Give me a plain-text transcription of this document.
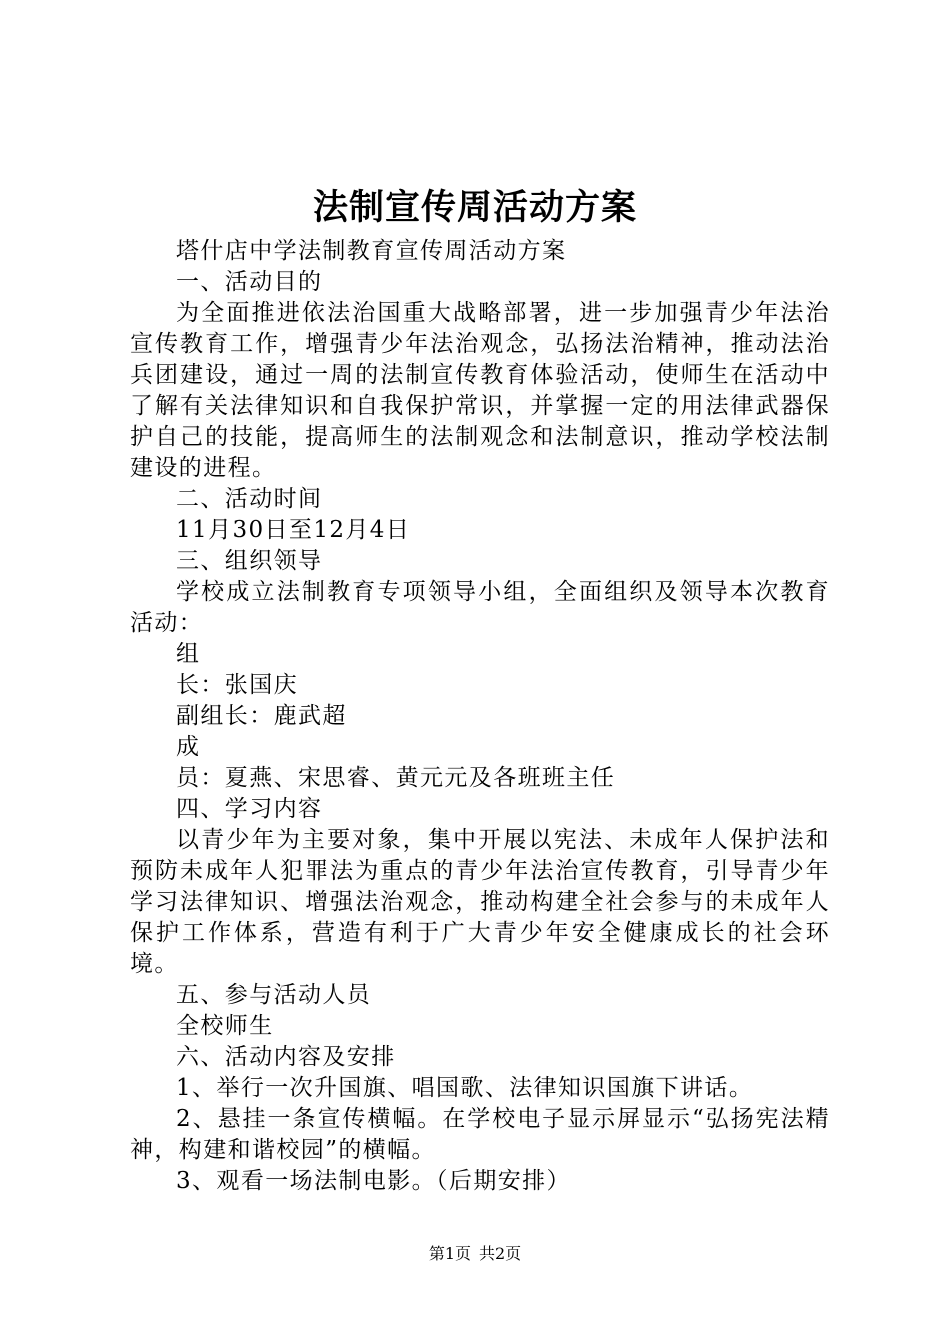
法制宣传周活动方案

塔什店中学法制教育宣传周活动方案

一、活动目的

为全面推进依法治国重大战略部署，进一步加强青少年法治宣传教育工作，增强青少年法治观念，弘扬法治精神，推动法治兵团建设，通过一周的法制宣传教育体验活动，使师生在活动中了解有关法律知识和自我保护常识，并掌握一定的用法律武器保护自己的技能，提高师生的法制观念和法制意识，推动学校法制建设的进程。

二、活动时间

11月30日至12月4日

三、组织领导

学校成立法制教育专项领导小组，全面组织及领导本次教育活动：

组

长：张国庆

副组长：鹿武超

成

员：夏燕、宋思睿、黄元元及各班班主任

四、学习内容

以青少年为主要对象，集中开展以宪法、未成年人保护法和预防未成年人犯罪法为重点的青少年法治宣传教育，引导青少年学习法律知识、增强法治观念，推动构建全社会参与的未成年人保护工作体系，营造有利于广大青少年安全健康成长的社会环境。

五、参与活动人员

全校师生

六、活动内容及安排

1、举行一次升国旗、唱国歌、法律知识国旗下讲话。

2、悬挂一条宣传横幅。在学校电子显示屏显示“弘扬宪法精神，构建和谐校园”的横幅。

3、观看一场法制电影。（后期安排）

第1页 共2页
